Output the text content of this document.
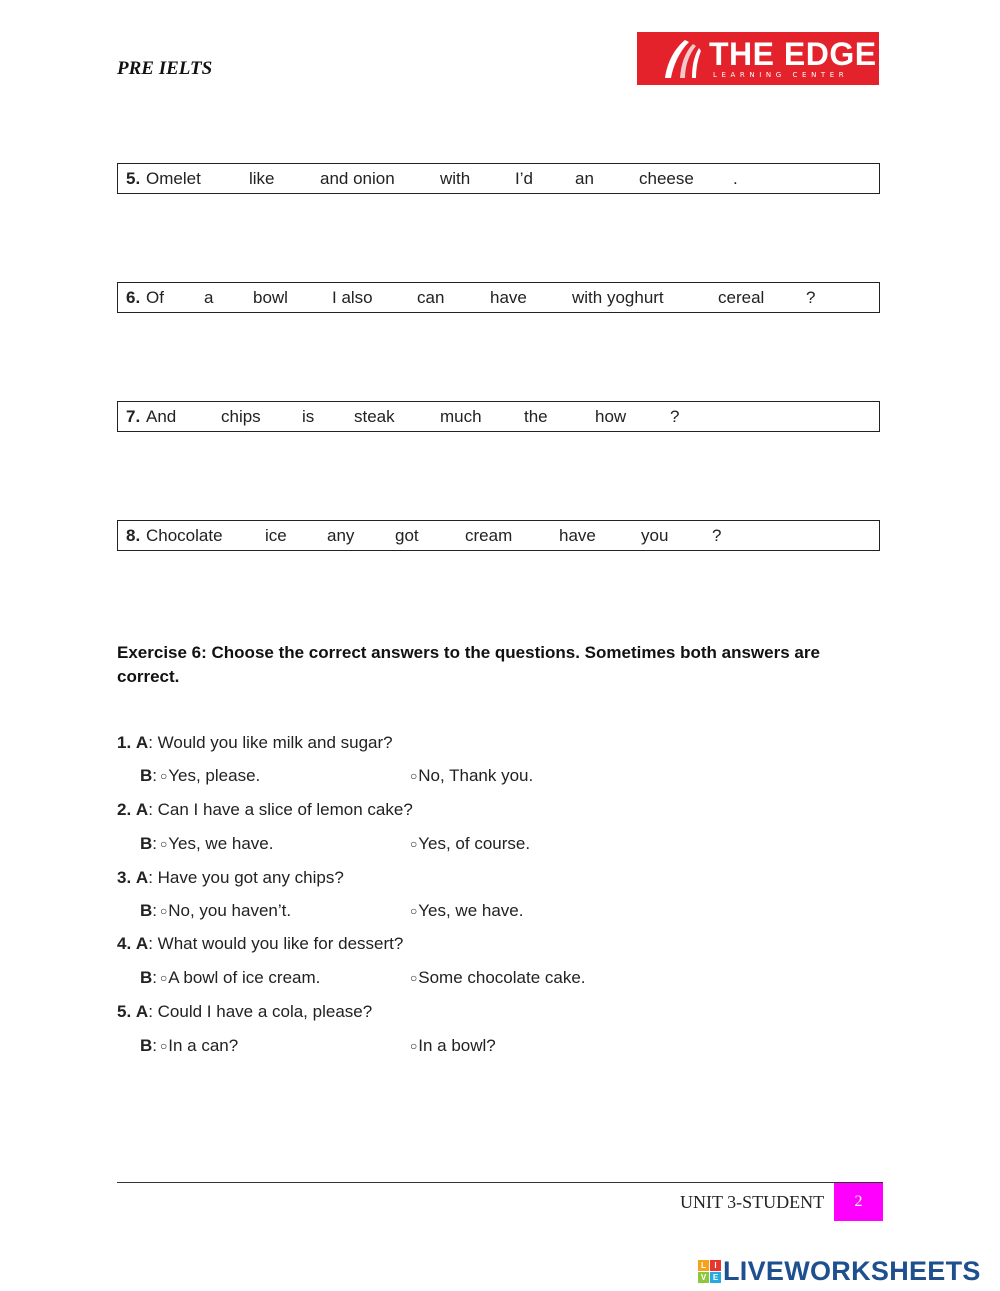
PRE IELTS	THE EDGE
LEARNING CENTER
5. Omelet	like	and onion	with	I’d an	cheese .
6. Of a bowl	I also	can	have	with yoghurt	cereal ?
7. And	chips is steak	much the	how	?
8. Chocolate ice any got	cream	have	you	?
Exercise 6: Choose the correct answers to the questions. Sometimes both answers are correct.
1. A: Would you like milk and sugar?
B: ○Yes, please.	○No, Thank you.
2. A: Can I have a slice of lemon cake?
B: ○Yes, we have.	○Yes, of course.
3. A: Have you got any chips?
B: ○No, you haven’t.	○Yes, we have.
4. A: What would you like for dessert?
B: ○A bowl of ice cream.	○Some chocolate cake.
5. A: Could I have a cola, please?
B: ○In a can?	○In a bowl?
UNIT 3-STUDENT	2
L	I
V E LIVEWORKSHEETS
